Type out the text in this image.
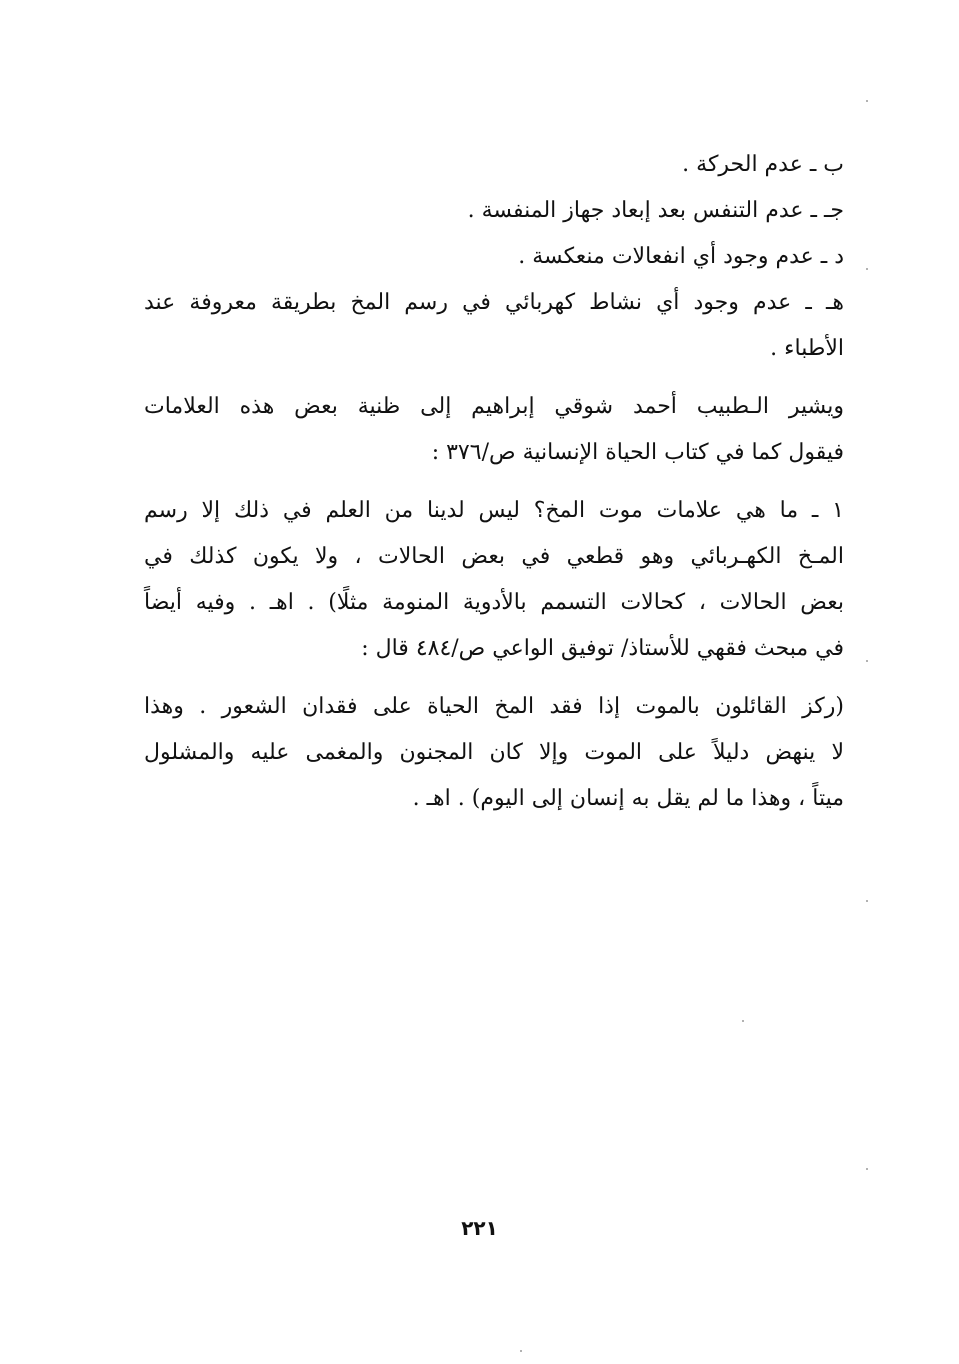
ب ـ عدم الحركة .
جـ ـ عدم التنفس بعد إبعاد جهاز المنفسة .
د ـ عدم وجود أي انفعالات منعكسة .
هـ ـ عدم وجود أي نشاط كهربائي في رسم المخ بطريقة معروفة عند
الأطباء .
ويشير الـطبيب أحمد شوقي إبراهيم إلى ظنية بعض هذه العلامات
فيقول كما في كتاب الحياة الإنسانية ص/٣٧٦ :
١ ـ ما هي علامات موت المخ؟ ليس لدينا من العلم في ذلك إلا رسم
المـخ الكهـربائي وهو قطعي في بعض الحالات ، ولا يكون كذلك في
بعض الحالات ، كحالات التسمم بالأدوية المنومة مثلًا) . اهـ . وفيه أيضاً
في مبحث فقهي للأستاذ/ توفيق الواعي ص/٤٨٤ قال :
(ركز القائلون بالموت إذا فقد المخ الحياة على فقدان الشعور . وهذا
لا ينهض دليلاً على الموت وإلا كان المجنون والمغمى عليه والمشلول
ميتاً ، وهذا ما لم يقل به إنسان إلى اليوم) . اهـ .
٢٢١
